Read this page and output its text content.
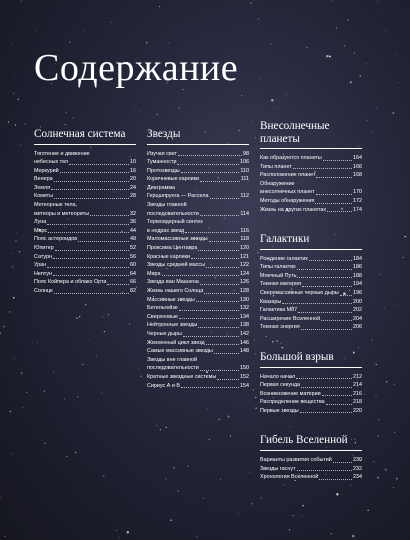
Содержание
Солнечная система
Тяготение и движение
небесных тел	10
Меркурий	16
Венера	20
Земля	24
Кометы	28
Метеорные тела,
метеоры и метеориты	32
Луна	36
Марс	44
Пояс астероидов	48
Юпитер	52
Сатурн	56
Уран	60
Нептун	64
Пояс Койпера и облако Орта	66
Солнце	82
Звезды
Изучая свет	98
Туманности	106
Протозвезды	110
Коричневые карлики	111
Диаграмма
Герцшпрунга — Рассела	112
Звезды главной
последовательности	114
Термоядерный синтез
в недрах звезд	116
Маломассивные звезды	118
Проксима Центавра	120
Красные карлики	121
Звезды средней массы	122
Мира	124
Звезда ван Маанена	126
Жизнь нашего Солнца	128
Массивные звезды	130
Бетельгейзе	132
Сверхновые	134
Нейтронные звезды	138
Черные дыры	142
Жизненный цикл звезд	146
Самые массивные звезды	148
Звезды вне главной
последовательности	150
Кратные звездные системы	152
Сириус А и В	154
Внесолнечные
планеты
Как образуются планеты	164
Типы планет	166
Расположение планет	168
Обнаружение
внесолнечных планет	170
Методы обнаружения	172
Жизнь на других планетах	174
Галактики
Рождение галактик	184
Типы галактик	186
Млечный Путь	188
Темная материя	194
Сверхмассивные черные дыры	196
Квазары	200
Галактика М87	202
Расширение Вселенной	204
Темная энергия	206
Большой взрыв
Начало начал	212
Первая секунда	214
Возникновение материи	216
Распределение вещества	218
Первые звезды	220
Гибель Вселенной
Варианты развития событий	230
Звезды гаснут	232
Хронология Вселенной	234
